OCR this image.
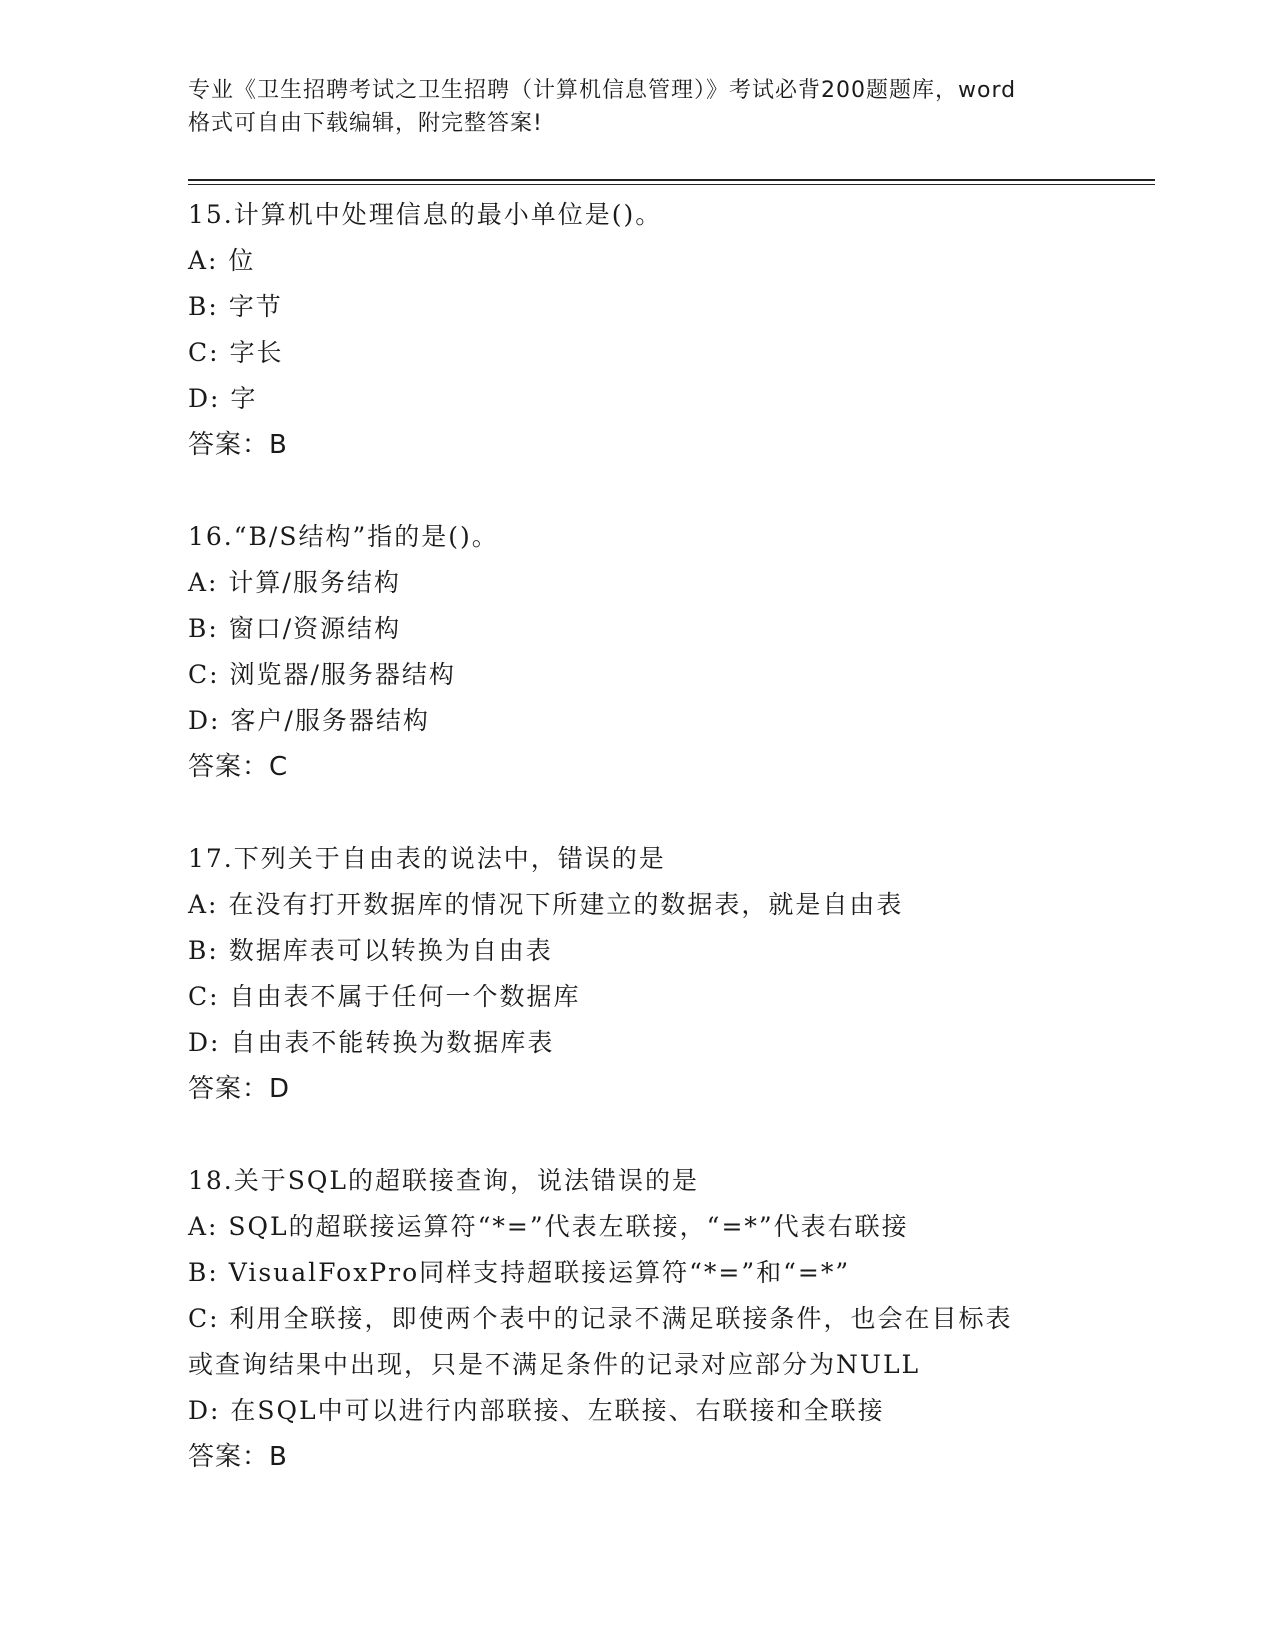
专业《卫生招聘考试之卫生招聘（计算机信息管理）》考试必背200题题库，word
格式可自由下载编辑，附完整答案!
15.计算机中处理信息的最小单位是()。
A: 位
B: 字节
C: 字长
D: 字
答案：B
16.“B/S结构”指的是()。
A: 计算/服务结构
B: 窗口/资源结构
C: 浏览器/服务器结构
D: 客户/服务器结构
答案：C
17.下列关于自由表的说法中，错误的是
A: 在没有打开数据库的情况下所建立的数据表，就是自由表
B: 数据库表可以转换为自由表
C: 自由表不属于任何一个数据库
D: 自由表不能转换为数据库表
答案：D
18.关于SQL的超联接查询，说法错误的是
A: SQL的超联接运算符“*=”代表左联接，“=*”代表右联接
B: VisualFoxPro同样支持超联接运算符“*=”和“=*”
C: 利用全联接，即使两个表中的记录不满足联接条件，也会在目标表
或查询结果中出现，只是不满足条件的记录对应部分为NULL
D: 在SQL中可以进行内部联接、左联接、右联接和全联接
答案：B
